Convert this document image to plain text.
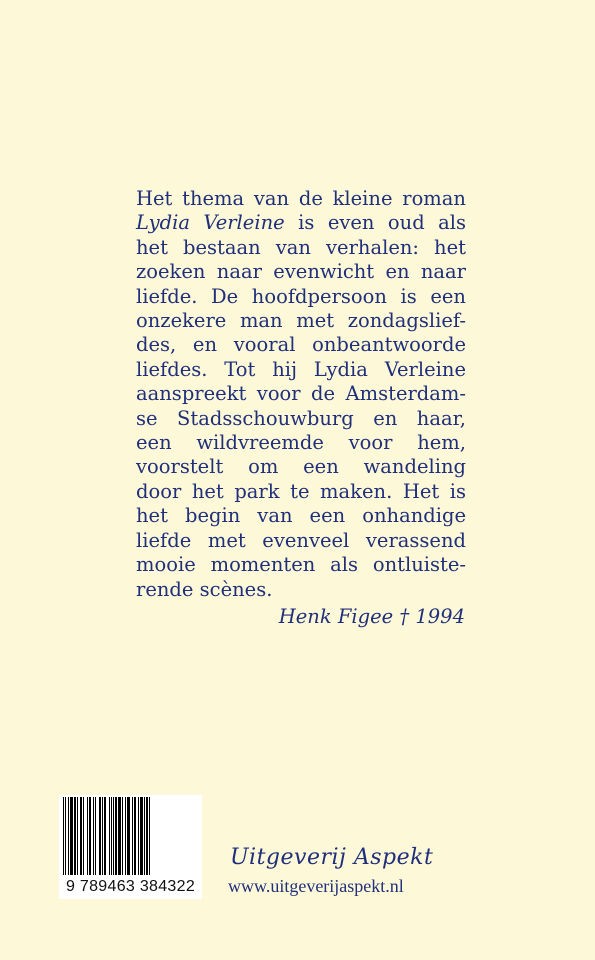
Het thema van de kleine roman
Lydia Verleine is even oud als
het bestaan van verhalen: het
zoeken naar evenwicht en naar
liefde. De hoofdpersoon is een
onzekere man met zondagslief-
des, en vooral onbeantwoorde
liefdes. Tot hij Lydia Verleine
aanspreekt voor de Amsterdam-
se Stadsschouwburg en haar,
een wildvreemde voor hem,
voorstelt om een wandeling
door het park te maken. Het is
het begin van een onhandige
liefde met evenveel verassend
mooie momenten als ontluiste-
rende scènes.
Henk Figee † 1994
9 789463 384322
Uitgeverij Aspekt
www.uitgeverijaspekt.nl
